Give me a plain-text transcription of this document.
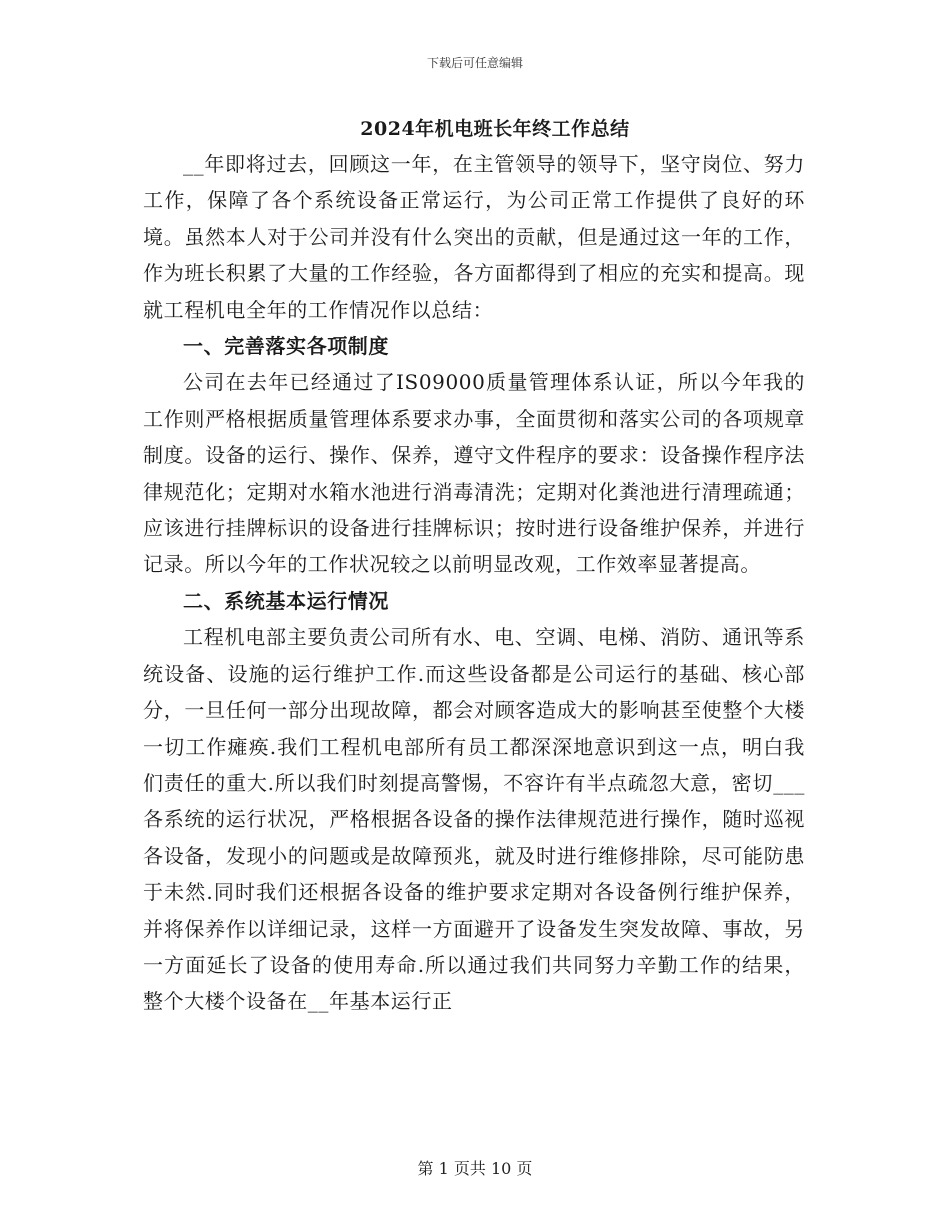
下载后可任意编辑
2024年机电班长年终工作总结

__年即将过去，回顾这一年，在主管领导的领导下，坚守岗位、努力工作，保障了各个系统设备正常运行，为公司正常工作提供了良好的环境。虽然本人对于公司并没有什么突出的贡献，但是通过这一年的工作，作为班长积累了大量的工作经验，各方面都得到了相应的充实和提高。现就工程机电全年的工作情况作以总结：

一、完善落实各项制度

公司在去年已经通过了IS09000质量管理体系认证，所以今年我的工作则严格根据质量管理体系要求办事，全面贯彻和落实公司的各项规章制度。设备的运行、操作、保养，遵守文件程序的要求：设备操作程序法律规范化；定期对水箱水池进行消毒清洗；定期对化粪池进行清理疏通；应该进行挂牌标识的设备进行挂牌标识；按时进行设备维护保养，并进行记录。所以今年的工作状况较之以前明显改观，工作效率显著提高。

二、系统基本运行情况

工程机电部主要负责公司所有水、电、空调、电梯、消防、通讯等系统设备、设施的运行维护工作.而这些设备都是公司运行的基础、核心部分，一旦任何一部分出现故障，都会对顾客造成大的影响甚至使整个大楼一切工作瘫痪.我们工程机电部所有员工都深深地意识到这一点，明白我们责任的重大.所以我们时刻提高警惕，不容许有半点疏忽大意，密切___各系统的运行状况，严格根据各设备的操作法律规范进行操作，随时巡视各设备，发现小的问题或是故障预兆，就及时进行维修排除，尽可能防患于未然.同时我们还根据各设备的维护要求定期对各设备例行维护保养，并将保养作以详细记录，这样一方面避开了设备发生突发故障、事故，另一方面延长了设备的使用寿命.所以通过我们共同努力辛勤工作的结果，整个大楼个设备在__年基本运行正

第 1 页共 10 页
